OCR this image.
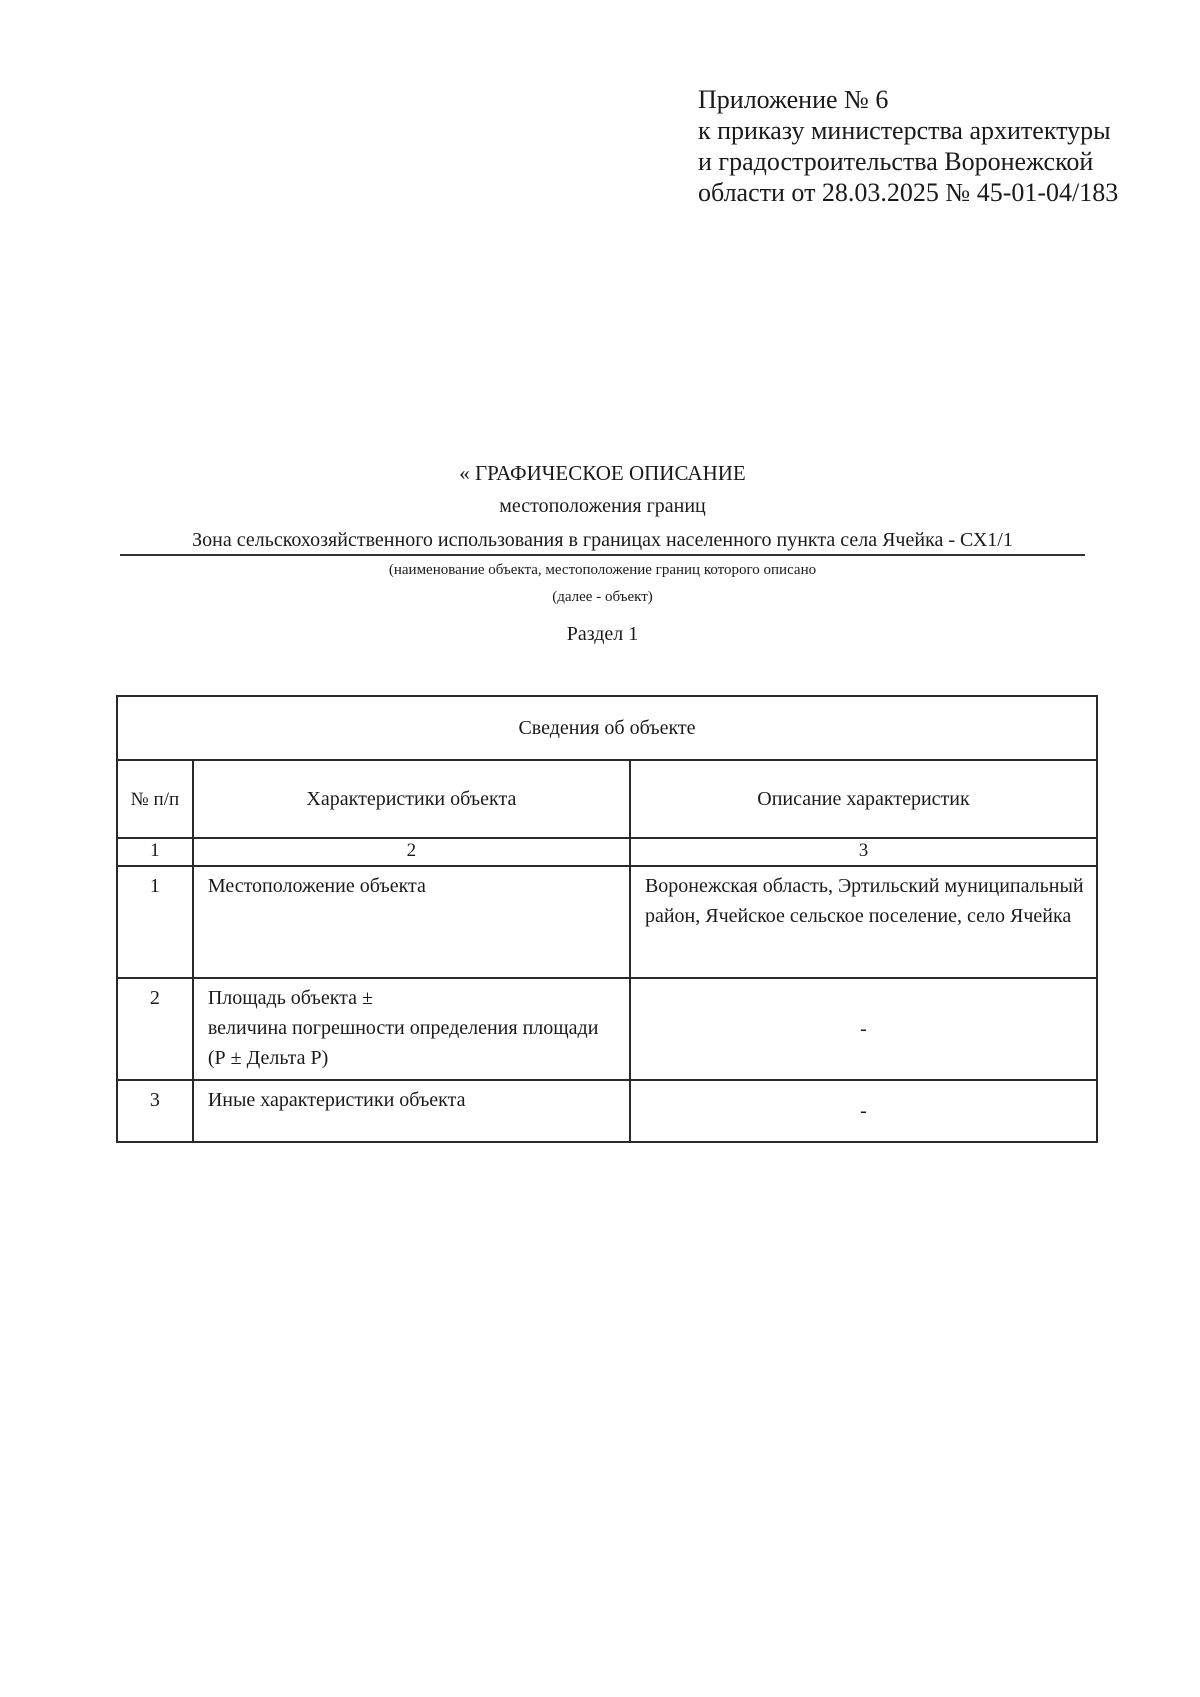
Приложение № 6
к приказу министерства архитектуры
и градостроительства Воронежской
области от 28.03.2025 № 45-01-04/183
« ГРАФИЧЕСКОЕ ОПИСАНИЕ
местоположения границ
Зона сельскохозяйственного использования в границах населенного пункта села Ячейка - СХ1/1
(наименование объекта, местоположение границ которого описано
(далее - объект)
Раздел 1
Сведения об объекте		
№ п/п	Характеристики объекта	Описание характеристик
1	2	3
1	Местоположение объекта	Воронежская область, Эртильский муниципальный район, Ячейское сельское поселение, село Ячейка
2	Площадь объекта ±
величина погрешности определения площади (Р ± Дельта Р)	-
3	Иные характеристики объекта	-
